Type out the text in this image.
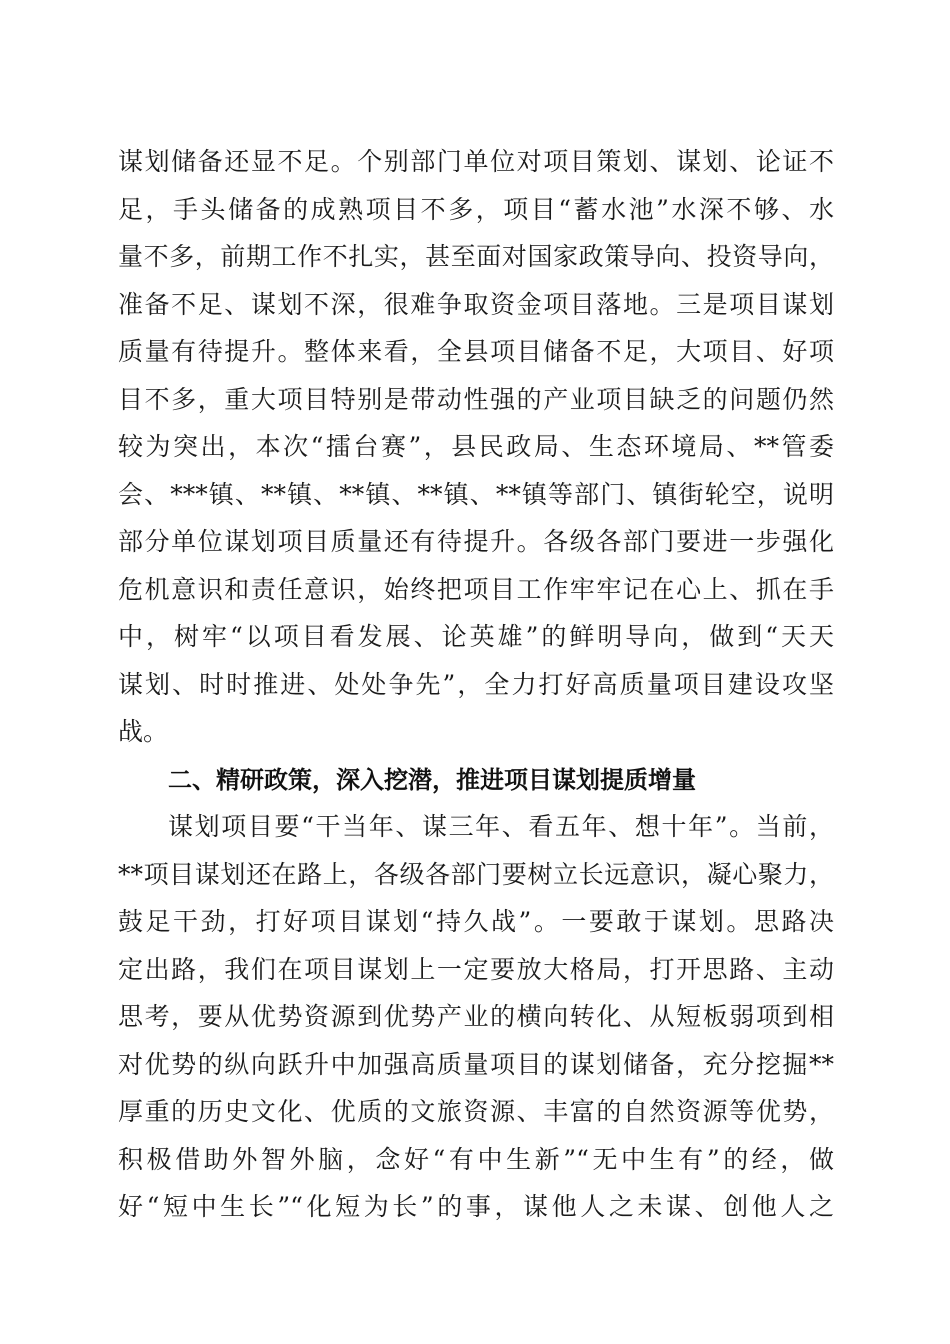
谋划储备还显不足。个别部门单位对项目策划、谋划、论证不
足，手头储备的成熟项目不多，项目“蓄水池”水深不够、水
量不多，前期工作不扎实，甚至面对国家政策导向、投资导向，
准备不足、谋划不深，很难争取资金项目落地。三是项目谋划
质量有待提升。整体来看，全县项目储备不足，大项目、好项
目不多，重大项目特别是带动性强的产业项目缺乏的问题仍然
较为突出，本次“擂台赛”，县民政局、生态环境局、**管委
会、***镇、**镇、**镇、**镇、**镇等部门、镇街轮空，说明
部分单位谋划项目质量还有待提升。各级各部门要进一步强化
危机意识和责任意识，始终把项目工作牢牢记在心上、抓在手
中，树牢“以项目看发展、论英雄”的鲜明导向，做到“天天
谋划、时时推进、处处争先”，全力打好高质量项目建设攻坚
战。
二、精研政策，深入挖潜，推进项目谋划提质增量
谋划项目要“干当年、谋三年、看五年、想十年”。当前，
**项目谋划还在路上，各级各部门要树立长远意识，凝心聚力，
鼓足干劲，打好项目谋划“持久战”。一要敢于谋划。思路决
定出路，我们在项目谋划上一定要放大格局，打开思路、主动
思考，要从优势资源到优势产业的横向转化、从短板弱项到相
对优势的纵向跃升中加强高质量项目的谋划储备，充分挖掘**
厚重的历史文化、优质的文旅资源、丰富的自然资源等优势，
积极借助外智外脑，念好“有中生新”“无中生有”的经，做
好“短中生长”“化短为长”的事，谋他人之未谋、创他人之
